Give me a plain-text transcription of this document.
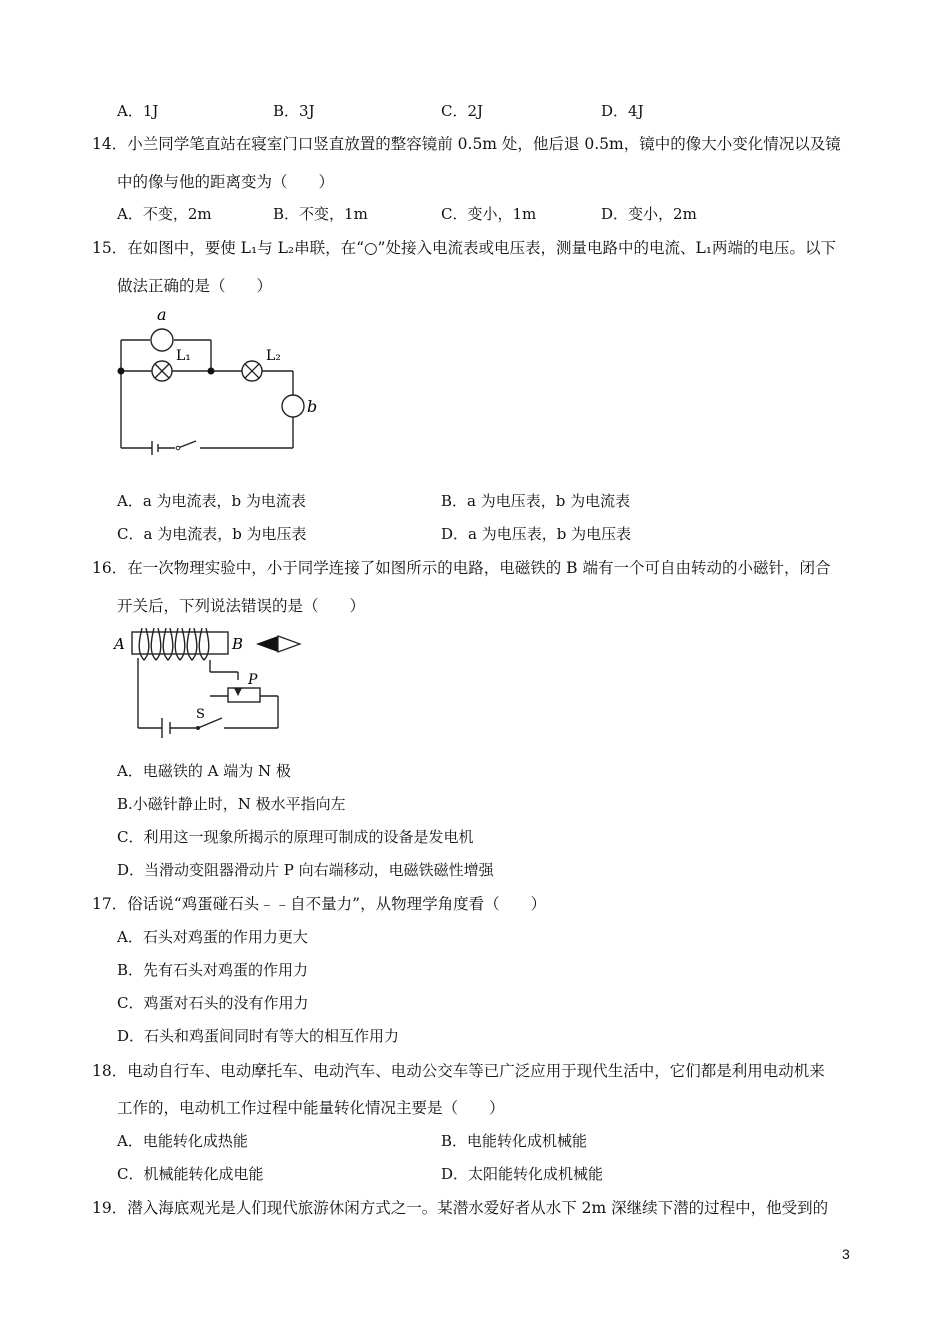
A．1J	B．3J	C．2J	D．4J
14．小兰同学笔直站在寝室门口竖直放置的整容镜前 0.5m 处，他后退 0.5m，镜中的像大小变化情况以及镜
中的像与他的距离变为（　　）
A．不变，2m	B．不变，1m	C．变小，1m	D．变小，2m
15．在如图中，要使 L₁与 L₂串联，在“○”处接入电流表或电压表，测量电路中的电流、L₁两端的电压。以下
做法正确的是（　　）
a
L₁	L₂
b
A．a 为电流表，b 为电流表	B．a 为电压表，b 为电流表
C．a 为电流表，b 为电压表	D．a 为电压表，b 为电压表
16．在一次物理实验中，小于同学连接了如图所示的电路，电磁铁的 B 端有一个可自由转动的小磁针，闭合
开关后，下列说法错误的是（　　）
A	B
P
S
A．电磁铁的 A 端为 N 极
B.小磁针静止时，N 极水平指向左
C．利用这一现象所揭示的原理可制成的设备是发电机
D．当滑动变阻器滑动片 P 向右端移动，电磁铁磁性增强
17．俗话说“鸡蛋碰石头﹣﹣自不量力”，从物理学角度看（　　）
A．石头对鸡蛋的作用力更大
B．先有石头对鸡蛋的作用力
C．鸡蛋对石头的没有作用力
D．石头和鸡蛋间同时有等大的相互作用力
18．电动自行车、电动摩托车、电动汽车、电动公交车等已广泛应用于现代生活中，它们都是利用电动机来
工作的，电动机工作过程中能量转化情况主要是（　　）
A．电能转化成热能	B．电能转化成机械能
C．机械能转化成电能	D．太阳能转化成机械能
19．潜入海底观光是人们现代旅游休闲方式之一。某潜水爱好者从水下 2m 深继续下潜的过程中，他受到的
3
